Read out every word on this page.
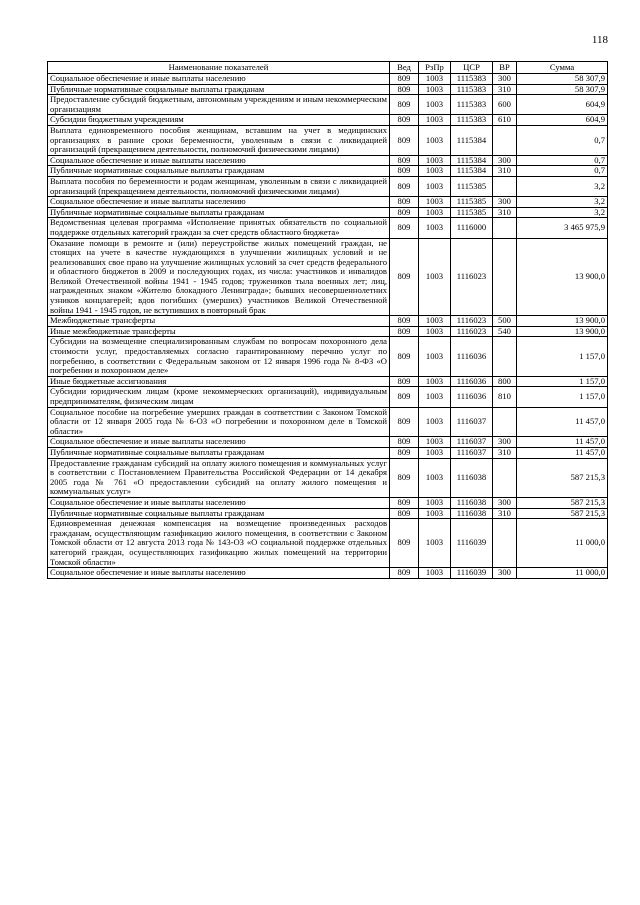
118
Наименование показателей	Вед	РзПр	ЦСР	ВР	Сумма
Социальное обеспечение и иные выплаты населению	809	1003	1115383	300	58 307,9
Публичные нормативные социальные выплаты гражданам	809	1003	1115383	310	58 307,9
Предоставление субсидий бюджетным, автономным учреждениям и иным некоммерческим организациям	809	1003	1115383	600	604,9
Субсидии бюджетным учреждениям	809	1003	1115383	610	604,9
Выплата единовременного пособия женщинам, вставшим на учет в медицинских организациях в ранние сроки беременности, уволенным в связи с ликвидацией организаций (прекращением деятельности, полномочий физическими лицами)	809	1003	1115384		0,7
Социальное обеспечение и иные выплаты населению	809	1003	1115384	300	0,7
Публичные нормативные социальные выплаты гражданам	809	1003	1115384	310	0,7
Выплата пособия по беременности и родам женщинам, уволенным в связи с ликвидацией организаций (прекращением деятельности, полномочий физическими лицами)	809	1003	1115385		3,2
Социальное обеспечение и иные выплаты населению	809	1003	1115385	300	3,2
Публичные нормативные социальные выплаты гражданам	809	1003	1115385	310	3,2
Ведомственная целевая программа «Исполнение принятых обязательств по социальной поддержке отдельных категорий граждан за счет средств областного бюджета»	809	1003	1116000		3 465 975,9
Оказание помощи в ремонте и (или) переустройстве жилых помещений граждан, не стоящих на учете в качестве нуждающихся в улучшении жилищных условий и не реализовавших свое право на улучшение жилищных условий за счет средств федерального и областного бюджетов в 2009 и последующих годах, из числа: участников и инвалидов Великой Отечественной войны 1941 - 1945 годов; тружеников тыла военных лет; лиц, награжденных знаком «Жителю блокадного Ленинграда»; бывших несовершеннолетних узников концлагерей; вдов погибших (умерших) участников Великой Отечественной войны 1941 - 1945 годов, не вступивших в повторный брак	809	1003	1116023		13 900,0
Межбюджетные трансферты	809	1003	1116023	500	13 900,0
Иные межбюджетные трансферты	809	1003	1116023	540	13 900,0
Субсидии на возмещение специализированным службам по вопросам похоронного дела стоимости услуг, предоставляемых согласно гарантированному перечню услуг по погребению, в соответствии с Федеральным законом от 12 января 1996 года № 8-ФЗ «О погребении и похоронном деле»	809	1003	1116036		1 157,0
Иные бюджетные ассигнования	809	1003	1116036	800	1 157,0
Субсидии юридическим лицам (кроме некоммерческих организаций), индивидуальным предпринимателям, физическим лицам	809	1003	1116036	810	1 157,0
Социальное пособие на погребение умерших граждан в соответствии с Законом Томской области от 12 января 2005 года № 6-ОЗ «О погребении и похоронном деле в Томской области»	809	1003	1116037		11 457,0
Социальное обеспечение и иные выплаты населению	809	1003	1116037	300	11 457,0
Публичные нормативные социальные выплаты гражданам	809	1003	1116037	310	11 457,0
Предоставление гражданам субсидий на оплату жилого помещения и коммунальных услуг в соответствии с Постановлением Правительства Российской Федерации от 14 декабря 2005 года № 761 «О предоставлении субсидий на оплату жилого помещения и коммунальных услуг»	809	1003	1116038		587 215,3
Социальное обеспечение и иные выплаты населению	809	1003	1116038	300	587 215,3
Публичные нормативные социальные выплаты гражданам	809	1003	1116038	310	587 215,3
Единовременная денежная компенсация на возмещение произведенных расходов гражданам, осуществляющим газификацию жилого помещения, в соответствии с Законом Томской области от 12 августа 2013 года № 143-ОЗ «О социальной поддержке отдельных категорий граждан, осуществляющих газификацию жилых помещений на территории Томской области»	809	1003	1116039		11 000,0
Социальное обеспечение и иные выплаты населению	809	1003	1116039	300	11 000,0
